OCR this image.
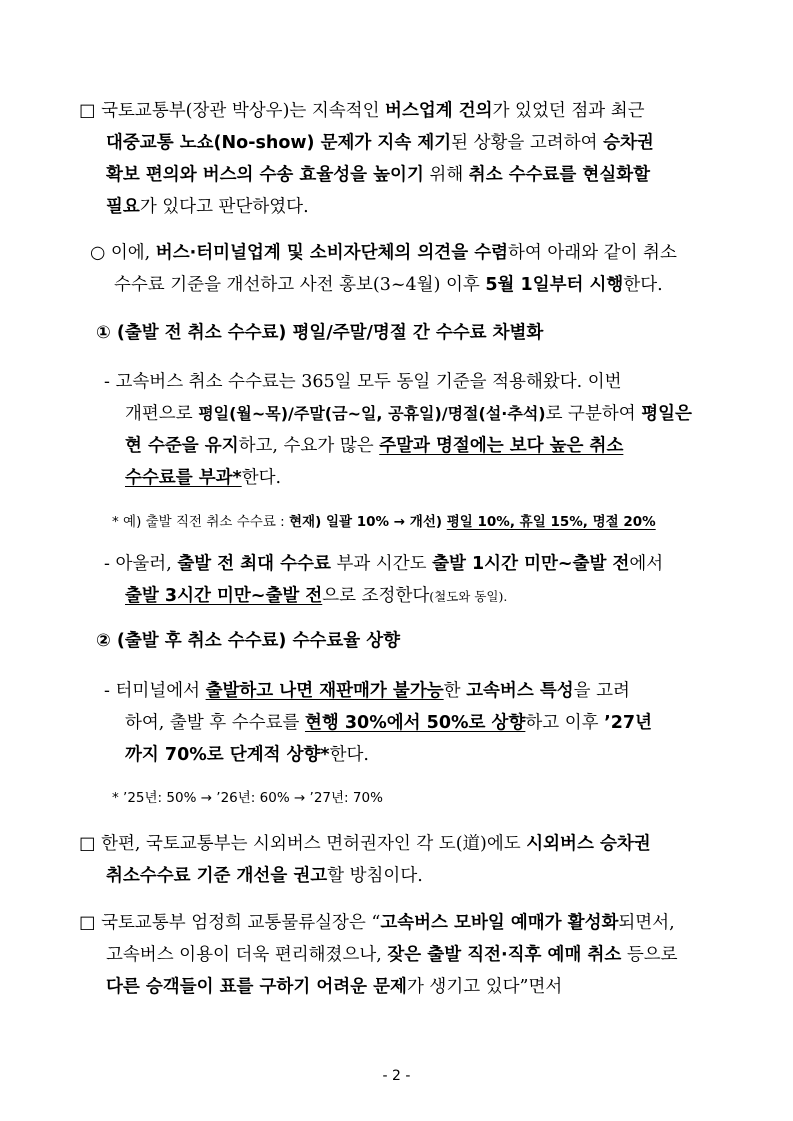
□ 국토교통부(장관 박상우)는 지속적인 버스업계 건의가 있었던 점과 최근
대중교통 노쇼(No-show) 문제가 지속 제기된 상황을 고려하여 승차권
확보 편의와 버스의 수송 효율성을 높이기 위해 취소 수수료를 현실화할
필요가 있다고 판단하였다.
○ 이에, 버스·터미널업계 및 소비자단체의 의견을 수렴하여 아래와 같이 취소
수수료 기준을 개선하고 사전 홍보(3~4월) 이후 5월 1일부터 시행한다.
① (출발 전 취소 수수료) 평일/주말/명절 간 수수료 차별화
- 고속버스 취소 수수료는 365일 모두 동일 기준을 적용해왔다. 이번
개편으로 평일(월~목)/주말(금~일, 공휴일)/명절(설·추석)로 구분하여 평일은
현 수준을 유지하고, 수요가 많은 주말과 명절에는 보다 높은 취소
수수료를 부과*한다.
* 예) 출발 직전 취소 수수료 : 현재) 일괄 10% → 개선) 평일 10%, 휴일 15%, 명절 20%
- 아울러, 출발 전 최대 수수료 부과 시간도 출발 1시간 미만~출발 전에서
출발 3시간 미만~출발 전으로 조정한다(철도와 동일).
② (출발 후 취소 수수료) 수수료율 상향
- 터미널에서 출발하고 나면 재판매가 불가능한 고속버스 특성을 고려
하여, 출발 후 수수료를 현행 30%에서 50%로 상향하고 이후 ’27년
까지 70%로 단계적 상향*한다.
* ’25년: 50% → ’26년: 60% → ’27년: 70%
□ 한편, 국토교통부는 시외버스 면허권자인 각 도(道)에도 시외버스 승차권
취소수수료 기준 개선을 권고할 방침이다.
□ 국토교통부 엄정희 교통물류실장은 “고속버스 모바일 예매가 활성화되면서,
고속버스 이용이 더욱 편리해졌으나, 잦은 출발 직전·직후 예매 취소 등으로
다른 승객들이 표를 구하기 어려운 문제가 생기고 있다”면서
- 2 -
